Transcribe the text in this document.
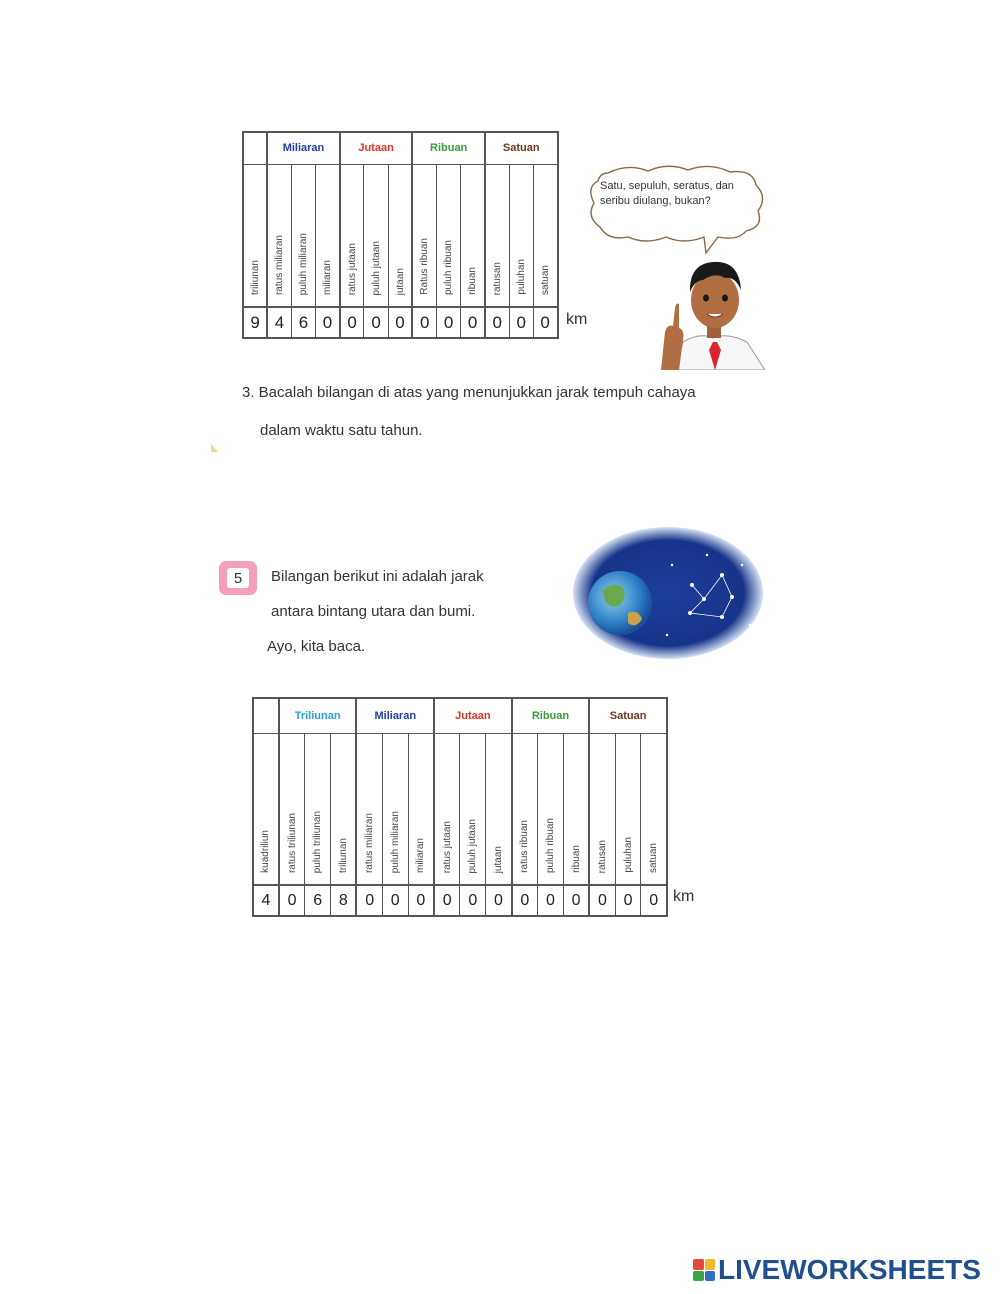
	Miliaran			Jutaan			Ribuan			Satuan		
triliunan	ratus miliaran	puluh miliaran	miliaran	ratus jutaan	puluh jutaan	jutaan	Ratus ribuan	puluh ribuan	ribuan	ratusan	puluhan	satuan
9	4	6	0	0	0	0	0	0	0	0	0	0 km
Satu, sepuluh, seratus, dan seribu diulang, bukan?
3. Bacalah bilangan di atas yang menunjukkan jarak tempuh cahaya
dalam waktu satu tahun.
5	Bilangan berikut ini adalah jarak
antara bintang utara dan bumi.
Ayo, kita baca.
	Triliunan			Miliaran			Jutaan			Ribuan			Satuan		
kuadriliun	ratus triliunan	puluh triliunan	triliunan	ratus miliaran	puluh miliaran	miliaran	ratus jutaan	puluh jutaan	jutaan	ratus ribuan	puluh ribuan	ribuan	ratusan	puluhan	satuan
4	0	6	8	0	0	0	0	0	0	0	0	0	0	0	0 km
LIVEWORKSHEETS
